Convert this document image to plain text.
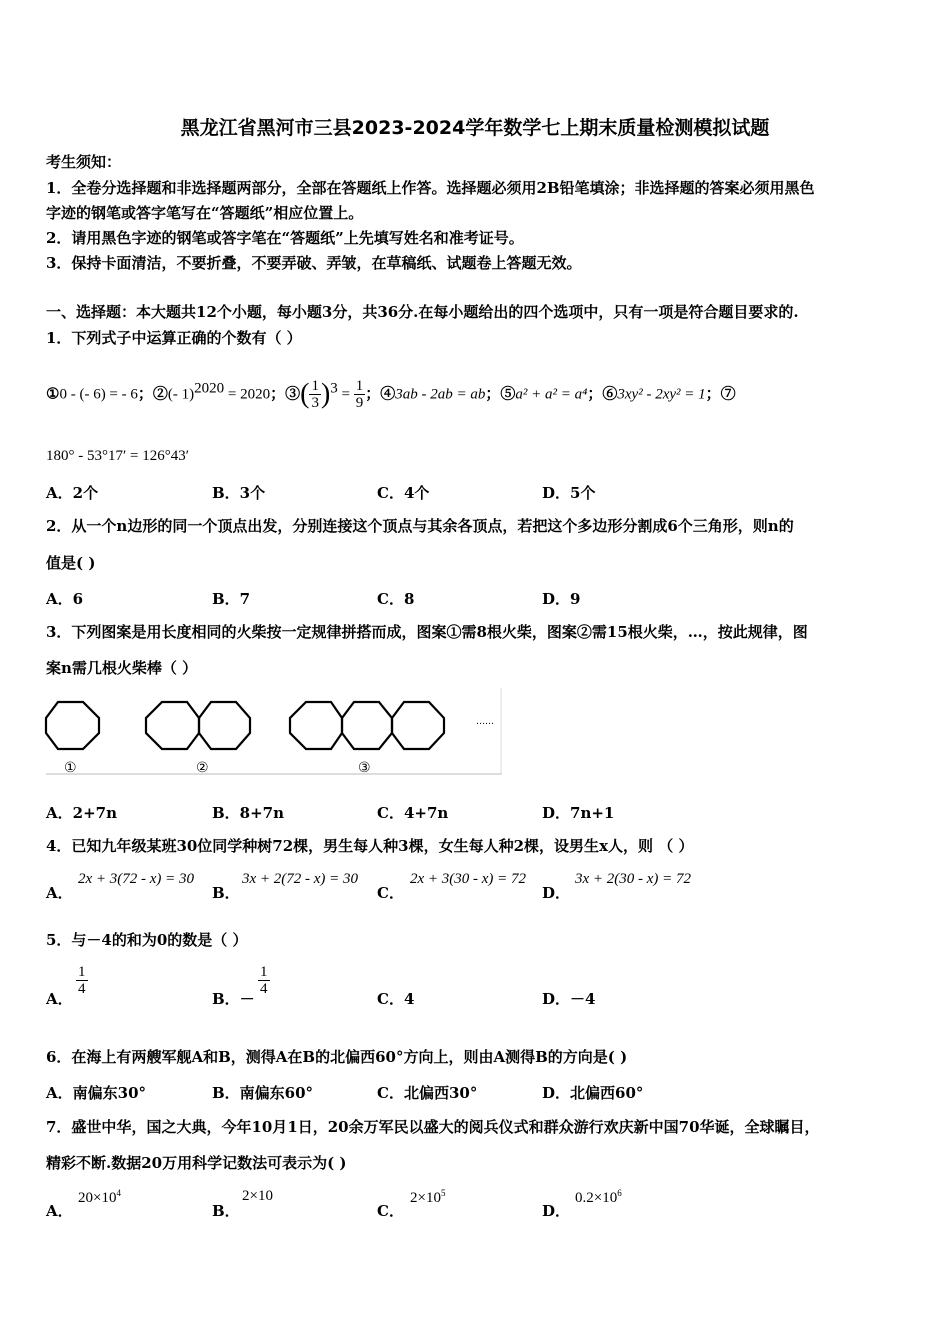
黑龙江省黑河市三县2023-2024学年数学七上期末质量检测模拟试题
考生须知：
1．全卷分选择题和非选择题两部分，全部在答题纸上作答。选择题必须用2B铅笔填涂；非选择题的答案必须用黑色
字迹的钢笔或答字笔写在“答题纸”相应位置上。
2．请用黑色字迹的钢笔或答字笔在“答题纸”上先填写姓名和准考证号。
3．保持卡面清洁，不要折叠，不要弄破、弄皱，在草稿纸、试题卷上答题无效。
一、选择题：本大题共12个小题，每小题3分，共36分.在每小题给出的四个选项中，只有一项是符合题目要求的.
1．下列式子中运算正确的个数有（ ）
①0 - (- 6) = - 6；②(- 1)$^{2020}$ = 2020；③( $\frac{1}{3} )^3 = \frac{1}{9}$ ；④3ab - 2ab = ab；⑤a² + a² = a⁴；⑥3xy² - 2xy² = 1；⑦
180° - 53°17′ = 126°43′
A．2个	B．3个	C．4个	D．5个
2．从一个n边形的同一个顶点出发，分别连接这个顶点与其余各顶点，若把这个多边形分割成6个三角形，则n的
值是( )
A．6	B．7	C．8	D．9
3．下列图案是用长度相同的火柴按一定规律拼搭而成，图案①需8根火柴，图案②需15根火柴，…，按此规律，图
案n需几根火柴棒（ ）
①	②	③
……
A．2+7n	B．8+7n	C．4+7n	D．7n+1
4．已知九年级某班30位同学种树72棵，男生每人种3棵，女生每人种2棵，设男生x人，则 （ ）
A．
2x + 3(72 - x) = 30
B．
3x + 2(72 - x) = 30
C．
2x + 3(30 - x) = 72
D．
3x + 2(30 - x) = 72
5．与－4的和为0的数是（ ）
A．
$\frac{1}{4}$
B．－
$\frac{1}{4}$
C．4	D．－4
6．在海上有两艘军舰A和B，测得A在B的北偏西60°方向上，则由A测得B的方向是( )
A．南偏东30°	B．南偏东60°	C．北偏西30°	D．北偏西60°
7．盛世中华，国之大典，今年10月1日，20余万军民以盛大的阅兵仪式和群众游行欢庆新中国70华诞，全球瞩目，
精彩不断.数据20万用科学记数法可表示为( )
A．
$20\times 10^4$
B．
2×10
C．
$2\times 10^5$
D．
$0.2\times 10^6$
